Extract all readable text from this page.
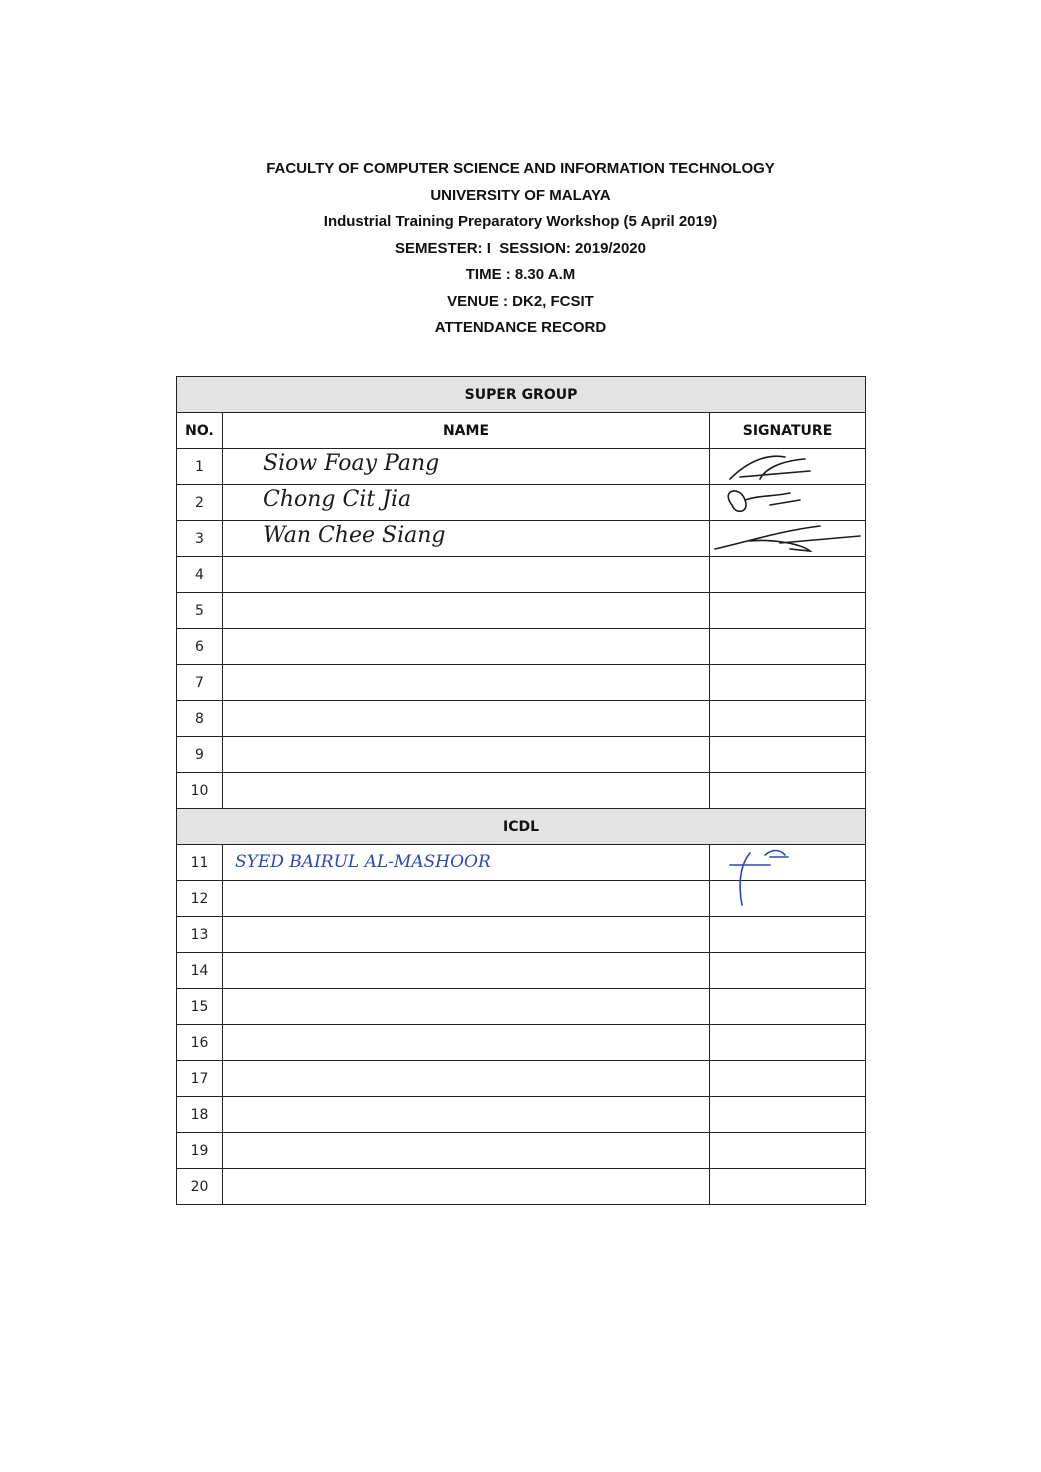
FACULTY OF COMPUTER SCIENCE AND INFORMATION TECHNOLOGY
UNIVERSITY OF MALAYA
Industrial Training Preparatory Workshop (5 April 2019)
SEMESTER: I  SESSION: 2019/2020
TIME : 8.30 A.M
VENUE : DK2, FCSIT
ATTENDANCE RECORD
SUPER GROUP		
NO.	NAME	SIGNATURE
1	Siow Foay Pang

2	Chong Cit Jia

3	Wan Chee Siang

4		
5		
6		
7		
8		
9		
10		
ICDL		
11	SYED BAIRUL AL-MASHOOR

12		
13		
14		
15		
16		
17		
18		
19		
20		
